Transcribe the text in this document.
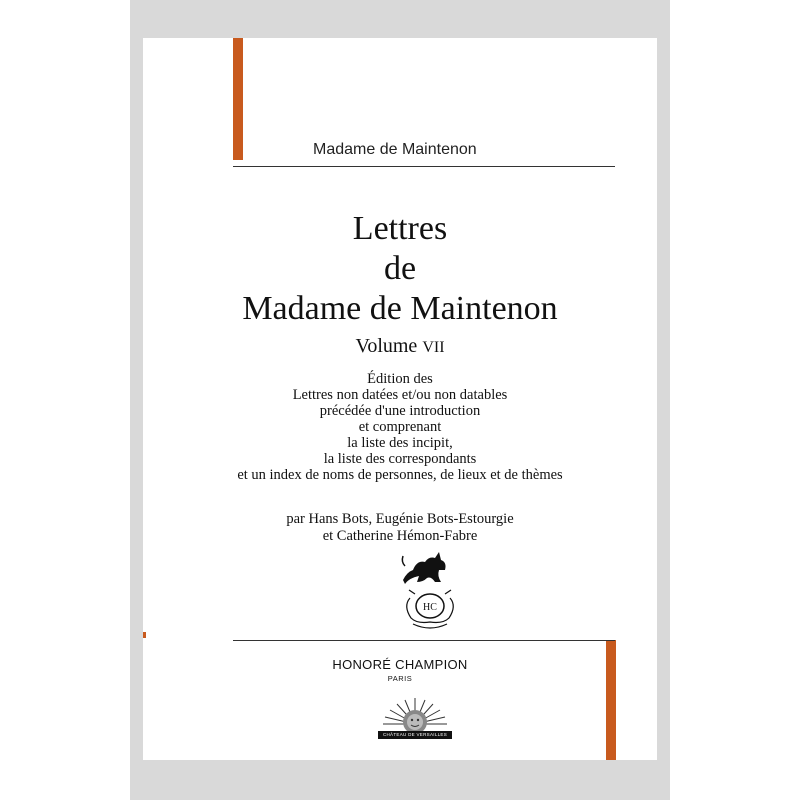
Madame de Maintenon
Lettres
de
Madame de Maintenon
Volume VII
Édition des
Lettres non datées et/ou non datables
précédée d'une introduction
et comprenant
la liste des incipit,
la liste des correspondants
et un index de noms de personnes, de lieux et de thèmes
par Hans Bots, Eugénie Bots-Estourgie
et Catherine Hémon-Fabre
HC
HONORÉ CHAMPION
PARIS
CHÂTEAU DE VERSAILLES
